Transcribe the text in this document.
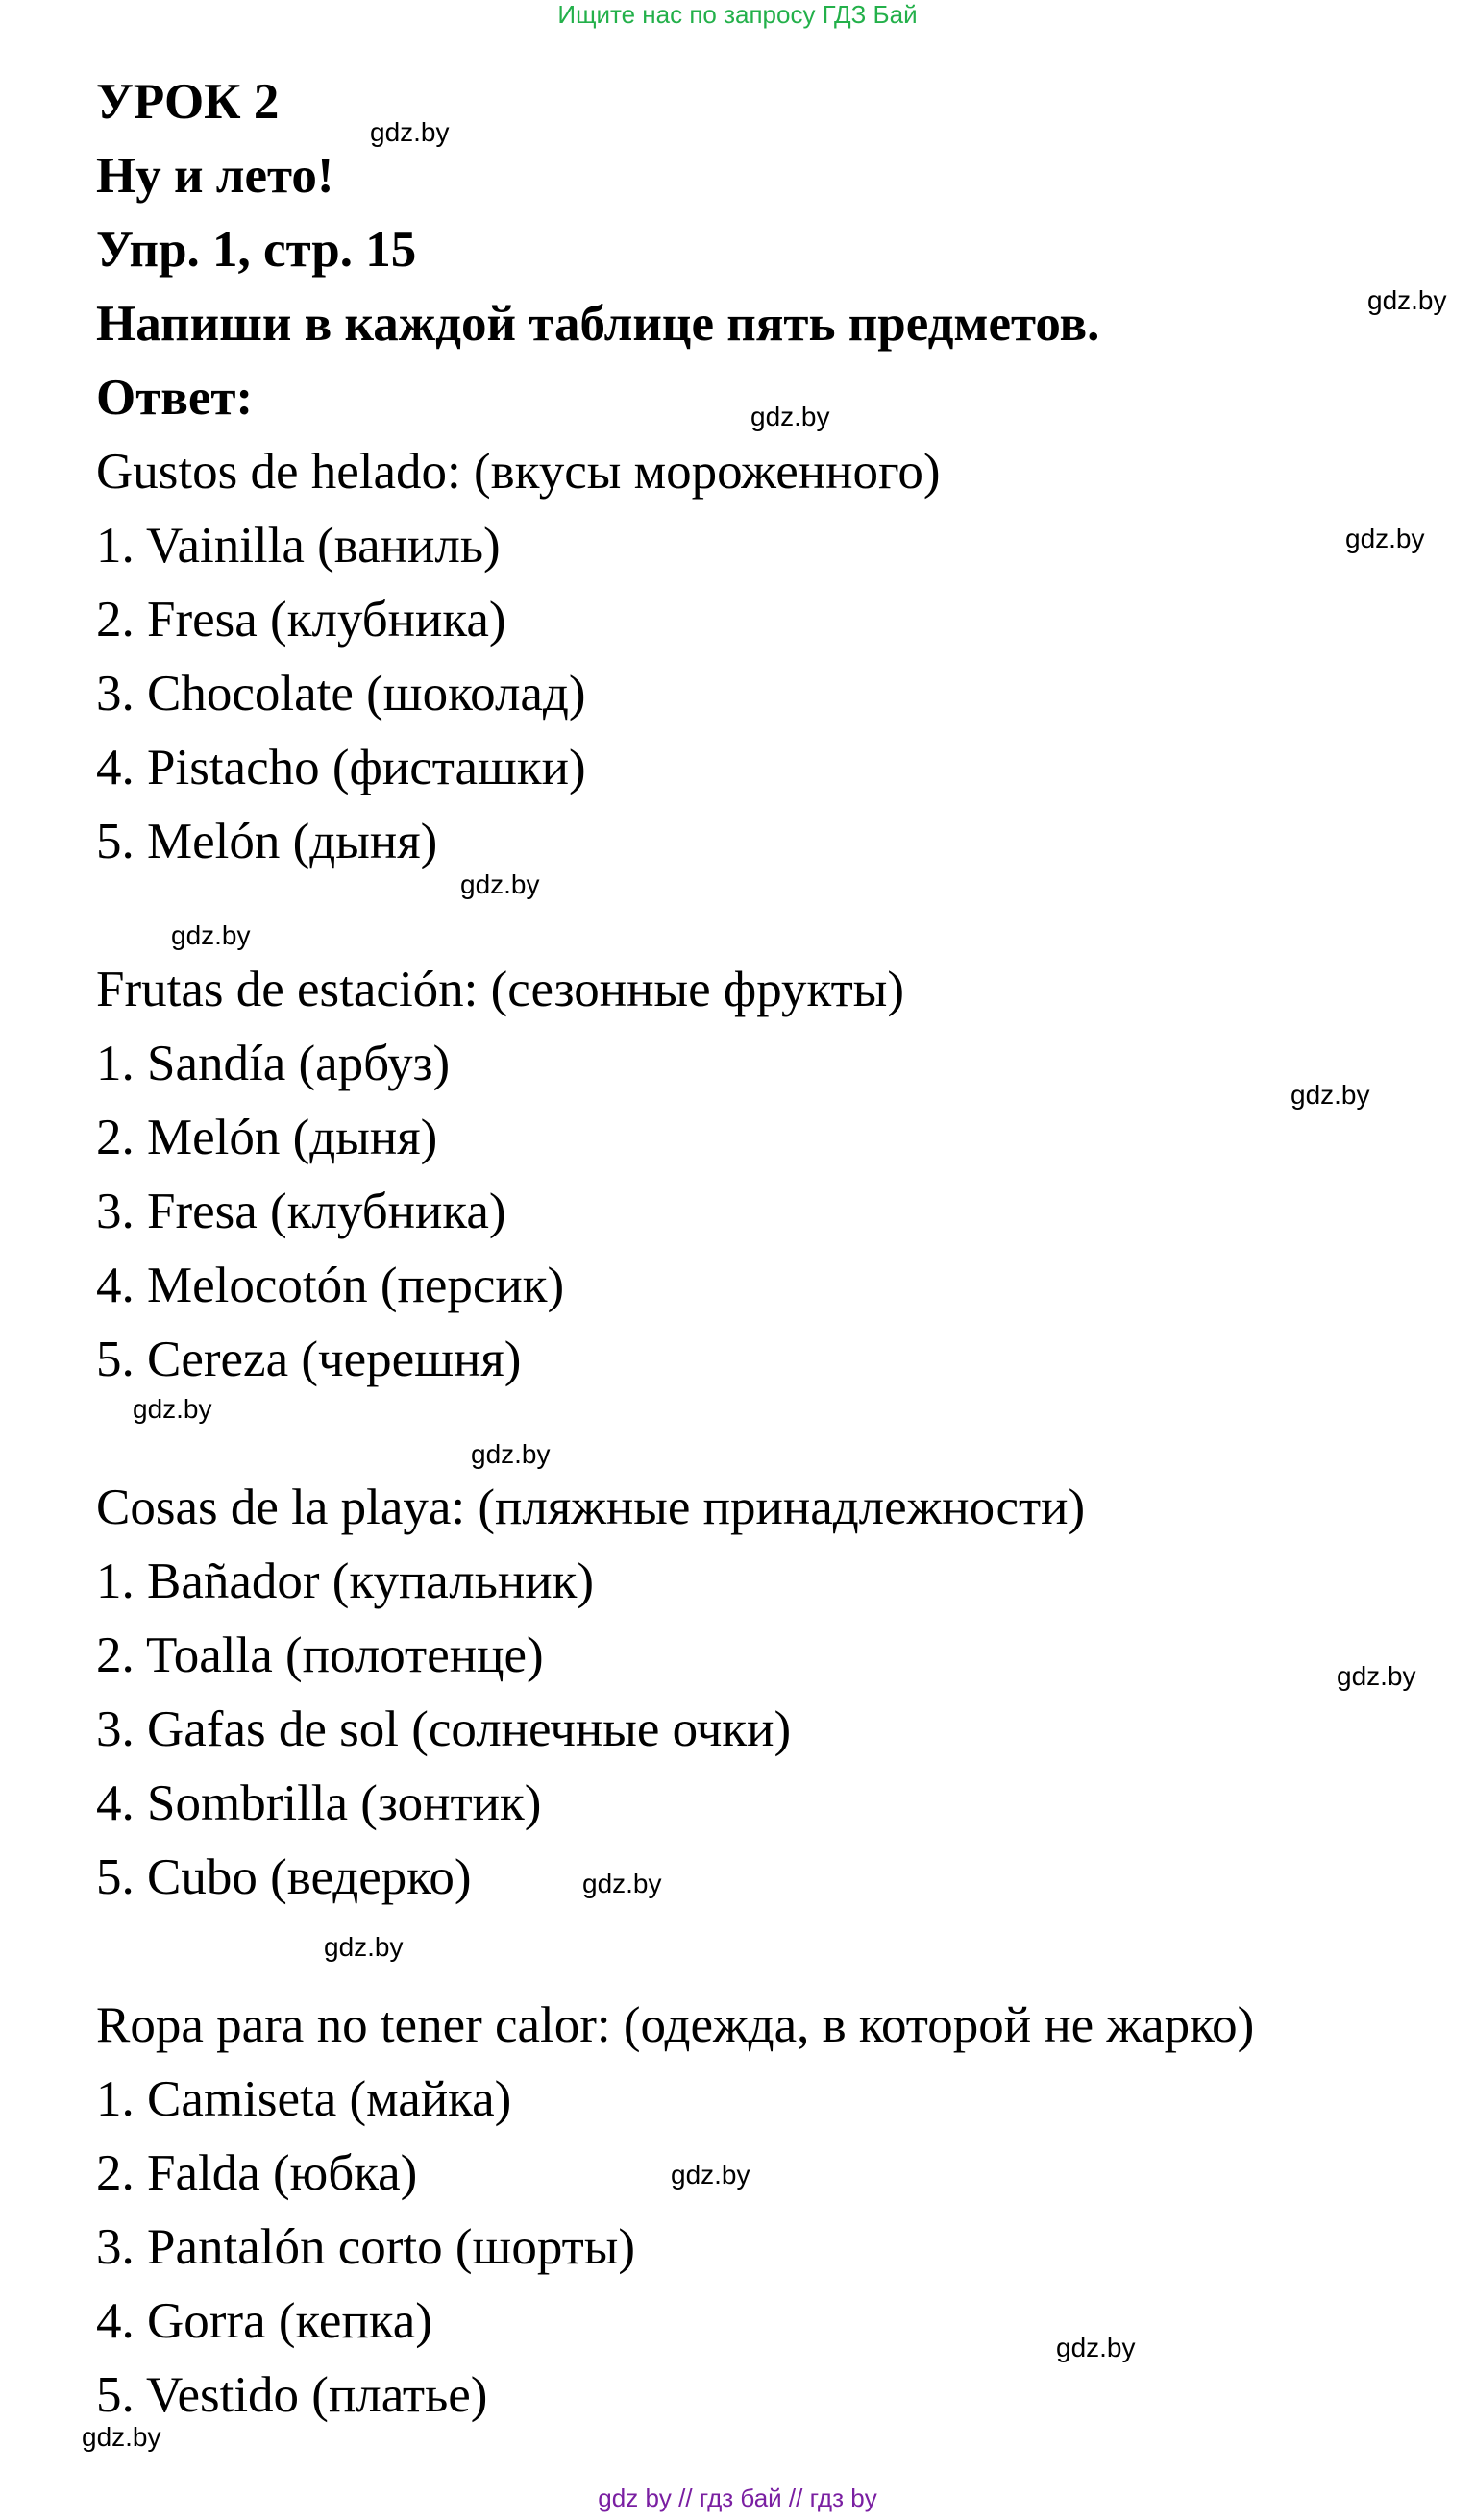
Ищите нас по запросу ГДЗ Бай
УРОК 2
Ну и лето!
Упр. 1, стр. 15
Напиши в каждой таблице пять предметов.
Ответ:
Gustos de helado: (вкусы мороженного)
1. Vainilla (ваниль)
2. Fresa (клубника)
3. Chocolate (шоколад)
4. Pistacho (фисташки)
5. Melón (дыня)
Frutas de estación: (сезонные фрукты)
1. Sandía (арбуз)
2. Melón (дыня)
3. Fresa (клубника)
4. Melocotón (персик)
5. Cereza (черешня)
Cosas de la playa: (пляжные принадлежности)
1. Bañador (купальник)
2. Toalla (полотенце)
3. Gafas de sol (солнечные очки)
4. Sombrilla (зонтик)
5. Cubo (ведерко)
Ropa para no tener calor: (одежда, в которой не жарко)
1. Camiseta (майка)
2. Falda (юбка)
3. Pantalón corto (шорты)
4. Gorra (кепка)
5. Vestido (платье)
gdz.by
gdz.by
gdz.by
gdz.by
gdz.by
gdz.by
gdz.by
gdz.by
gdz.by
gdz.by
gdz.by
gdz.by
gdz.by
gdz.by
gdz.by
gdz by // гдз бай // гдз by
